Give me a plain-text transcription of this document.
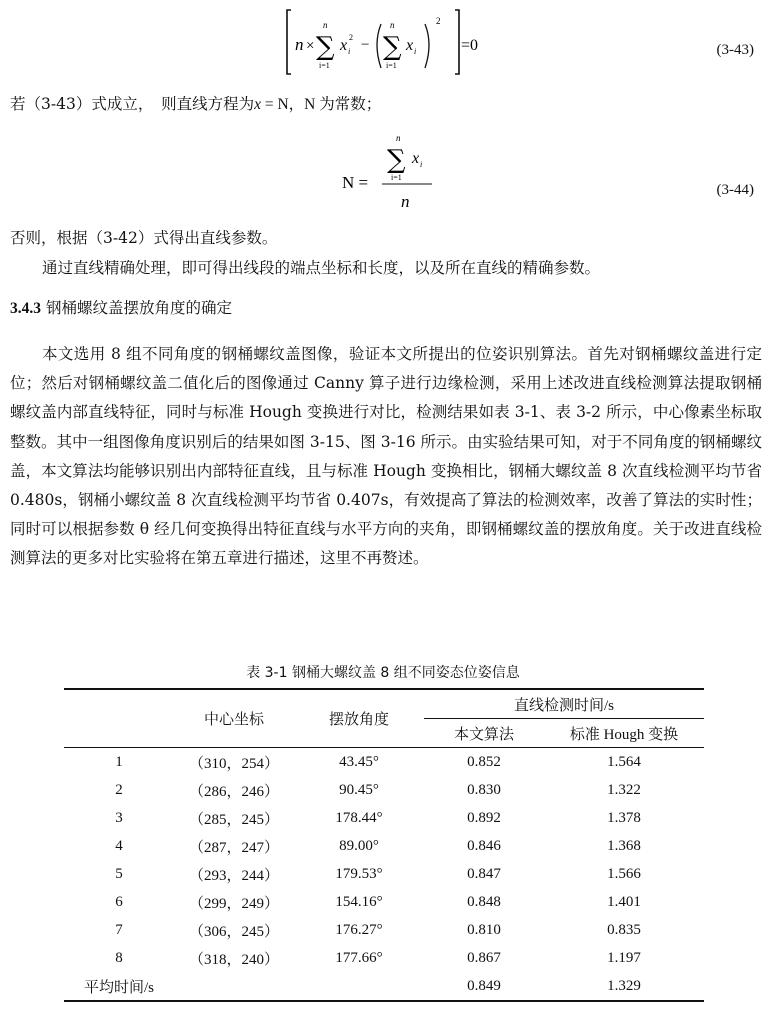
n ×
n
∑
i=1
x i
2 −
n
∑
i=1
x i
2
=0	(3-43)
若（3-43）式成立，　则直线方程为x = N，N 为常数；
N =
n
∑
i=1
x i
n
(3-44)
否则，根据（3-42）式得出直线参数。
通过直线精确处理，即可得出线段的端点坐标和长度，以及所在直线的精确参数。
3.4.3 钢桶螺纹盖摆放角度的确定
本文选用 8 组不同角度的钢桶螺纹盖图像，验证本文所提出的位姿识别算法。首先对钢桶螺纹盖进行定位；然后对钢桶螺纹盖二值化后的图像通过 Canny 算子进行边缘检测，采用上述改进直线检测算法提取钢桶螺纹盖内部直线特征，同时与标准 Hough 变换进行对比，检测结果如表 3-1、表 3-2 所示，中心像素坐标取整数。其中一组图像角度识别后的结果如图 3-15、图 3-16 所示。由实验结果可知，对于不同角度的钢桶螺纹盖，本文算法均能够识别出内部特征直线，且与标准 Hough 变换相比，钢桶大螺纹盖 8 次直线检测平均节省 0.480s，钢桶小螺纹盖 8 次直线检测平均节省 0.407s，有效提高了算法的检测效率，改善了算法的实时性；同时可以根据参数 θ 经几何变换得出特征直线与水平方向的夹角，即钢桶螺纹盖的摆放角度。关于改进直线检测算法的更多对比实验将在第五章进行描述，这里不再赘述。
表 3-1 钢桶大螺纹盖 8 组不同姿态位姿信息
	中心坐标	摆放角度	直线检测时间/s	
			本文算法	标准 Hough 变换
1	（310，254）	43.45°	0.852	1.564
2	（286，246）	90.45°	0.830	1.322
3	（285，245）	178.44°	0.892	1.378
4	（287，247）	89.00°	0.846	1.368
5	（293，244）	179.53°	0.847	1.566
6	（299，249）	154.16°	0.848	1.401
7	（306，245）	176.27°	0.810	0.835
8	（318，240）	177.66°	0.867	1.197
平均时间/s			0.849	1.329
